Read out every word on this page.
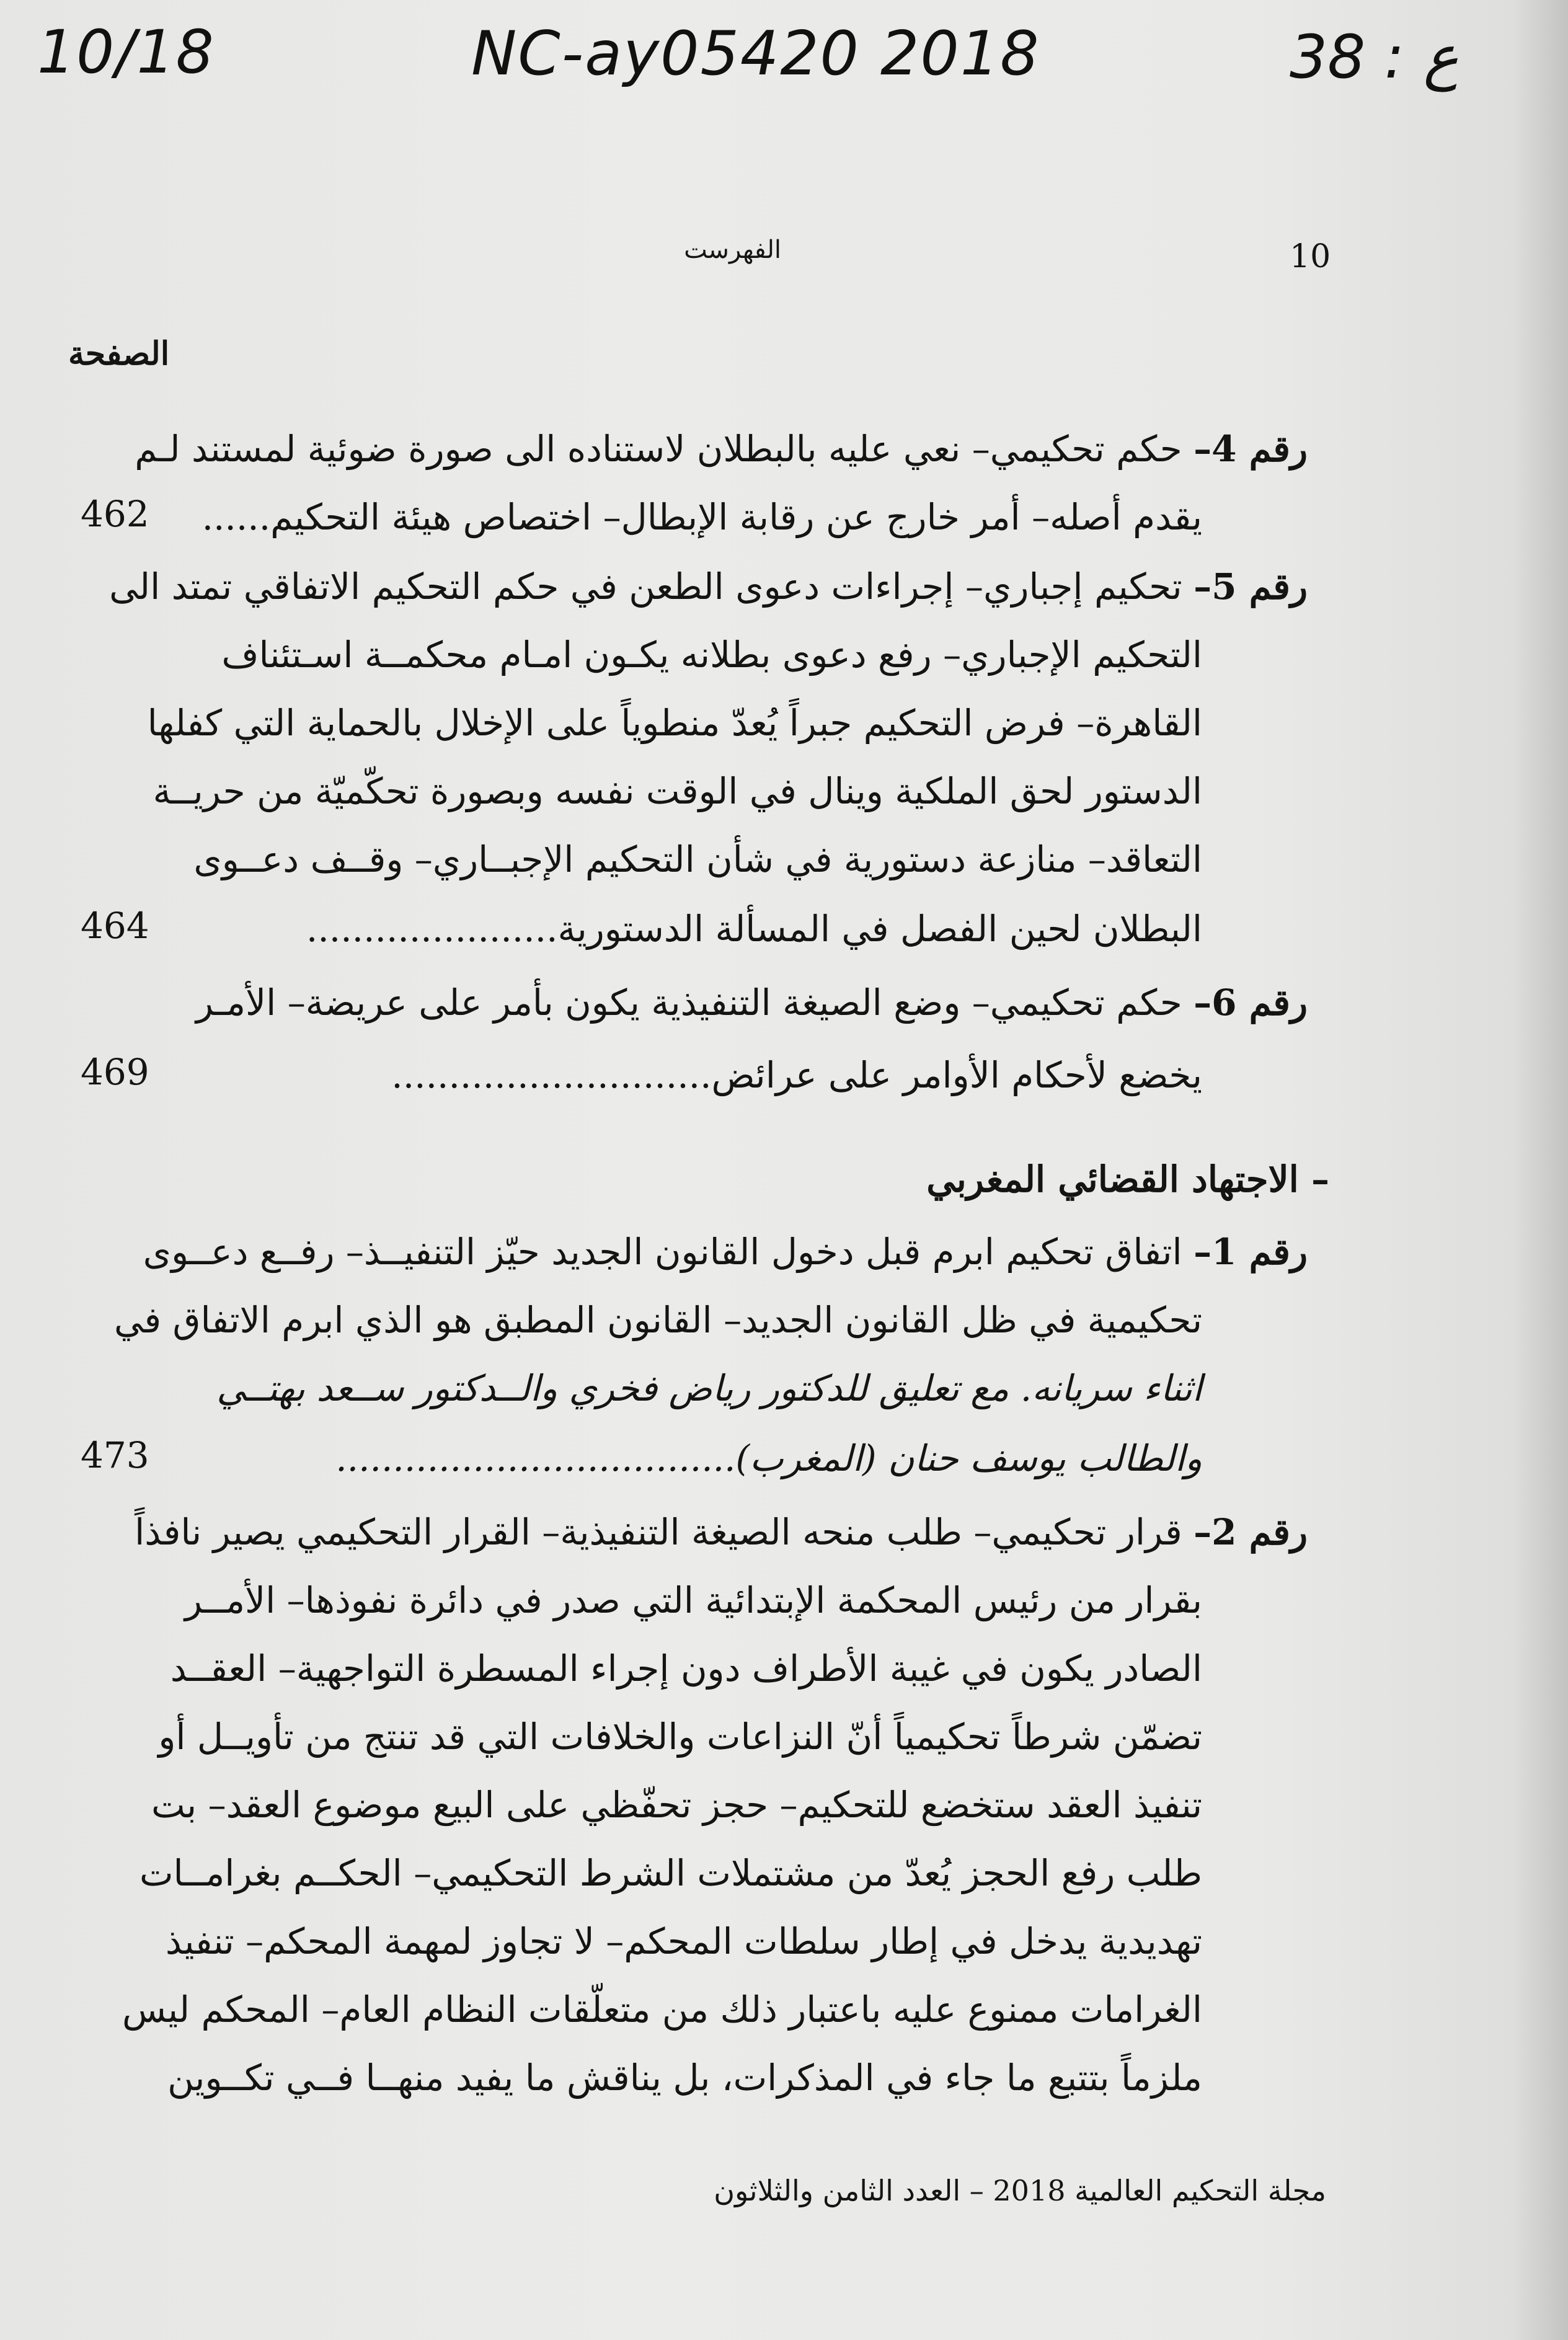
10/18	NC-ay05420 2018	38 : ع
الفهرست	10
الصفحة
رقم 4– حكم تحكيمي– نعي عليه بالبطلان لاستناده الى صورة ضوئية لمستند لـم
يقدم أصله– أمر خارج عن رقابة الإبطال– اختصاص هيئة التحكيم......
462
رقم 5– تحكيم إجباري– إجراءات دعوى الطعن في حكم التحكيم الاتفاقي تمتد الى
التحكيم الإجباري– رفع دعوى بطلانه يكـون امـام محكمــة اسـتئناف
القاهرة– فرض التحكيم جبراً يُعدّ منطوياً على الإخلال بالحماية التي كفلها
الدستور لحق الملكية وينال في الوقت نفسه وبصورة تحكّميّة من حريــة
التعاقد– منازعة دستورية في شأن التحكيم الإجبــاري– وقــف دعــوى
البطلان لحين الفصل في المسألة الدستورية......................
464
رقم 6– حكم تحكيمي– وضع الصيغة التنفيذية يكون بأمر على عريضة– الأمـر
يخضع لأحكام الأوامر على عرائض............................
469
– الاجتهاد القضائي المغربي
رقم 1– اتفاق تحكيم ابرم قبل دخول القانون الجديد حيّز التنفيــذ– رفــع دعــوى
تحكيمية في ظل القانون الجديد– القانون المطبق هو الذي ابرم الاتفاق في
اثناء سريانه. مع تعليق للدكتور رياض فخري والــدكتور ســعد بهتــي
والطالب يوسف حنان (المغرب)...................................
473
رقم 2– قرار تحكيمي– طلب منحه الصيغة التنفيذية– القرار التحكيمي يصير نافذاً
بقرار من رئيس المحكمة الإبتدائية التي صدر في دائرة نفوذها– الأمــر
الصادر يكون في غيبة الأطراف دون إجراء المسطرة التواجهية– العقــد
تضمّن شرطاً تحكيمياً أنّ النزاعات والخلافات التي قد تنتج من تأويــل أو
تنفيذ العقد ستخضع للتحكيم– حجز تحفّظي على البيع موضوع العقد– بت
طلب رفع الحجز يُعدّ من مشتملات الشرط التحكيمي– الحكــم بغرامــات
تهديدية يدخل في إطار سلطات المحكم– لا تجاوز لمهمة المحكم– تنفيذ
الغرامات ممنوع عليه باعتبار ذلك من متعلّقات النظام العام– المحكم ليس
ملزماً بتتبع ما جاء في المذكرات، بل يناقش ما يفيد منهــا فــي تكــوين
مجلة التحكيم العالمية 2018 – العدد الثامن والثلاثون
